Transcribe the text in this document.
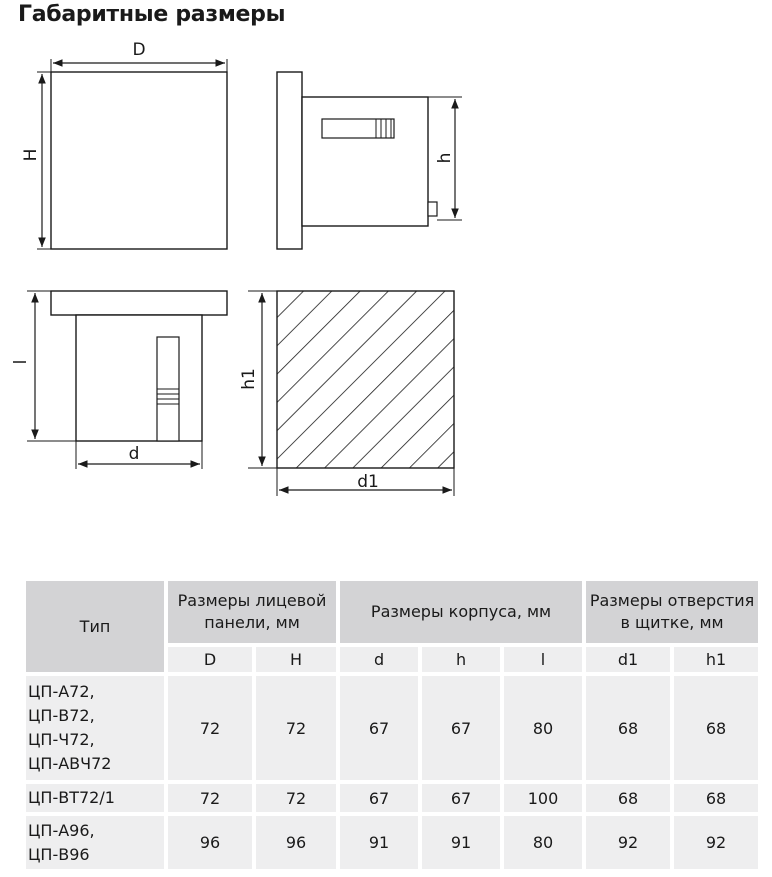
Габаритные размеры
D
H	h
l
d
h1
d1
Тип	Размеры лицевой панели, мм		Размеры корпуса, мм			Размеры отверстия в щитке, мм	
	D	H	d	h	l	d1	h1
ЦП-А72,
ЦП-В72,
ЦП-Ч72,
ЦП-АВЧ72	72	72	67	67	80	68	68
ЦП-ВТ72/1	72	72	67	67	100	68	68
ЦП-А96,
ЦП-В96	96	96	91	91	80	92	92
